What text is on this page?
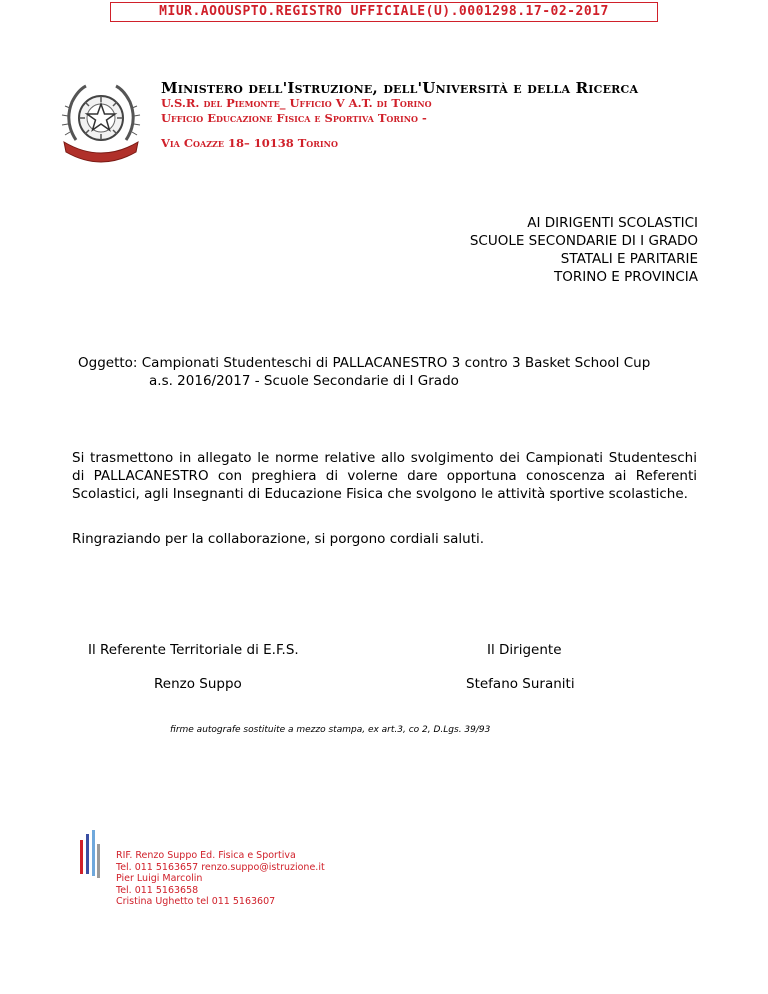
MIUR.AOOUSPTO.REGISTRO UFFICIALE(U).0001298.17-02-2017
Ministero dell'Istruzione, dell'Università e della Ricerca
U.S.R. del Piemonte_ Ufficio V A.T. di Torino
Ufficio Educazione Fisica e Sportiva Torino -
Via Coazze 18– 10138 Torino
AI DIRIGENTI SCOLASTICI
SCUOLE SECONDARIE DI I GRADO
STATALI E PARITARIE
TORINO E PROVINCIA
Oggetto: Campionati Studenteschi di PALLACANESTRO 3 contro 3 Basket School Cup
a.s. 2016/2017 - Scuole Secondarie di I Grado
Si trasmettono in allegato le norme relative allo svolgimento dei Campionati Studenteschi di PALLACANESTRO con preghiera di volerne dare opportuna conoscenza ai Referenti Scolastici, agli Insegnanti di Educazione Fisica che svolgono le attività sportive scolastiche.
Ringraziando per la collaborazione, si porgono cordiali saluti.
Il Referente Territoriale di E.F.S.
Renzo Suppo
Il Dirigente
Stefano Suraniti
firme autografe sostituite a mezzo stampa, ex art.3, co 2, D.Lgs. 39/93
RIF. Renzo Suppo Ed. Fisica e Sportiva
Tel. 011 5163657 renzo.suppo@istruzione.it
Pier Luigi Marcolin
Tel. 011 5163658
Cristina Ughetto tel 011 5163607
